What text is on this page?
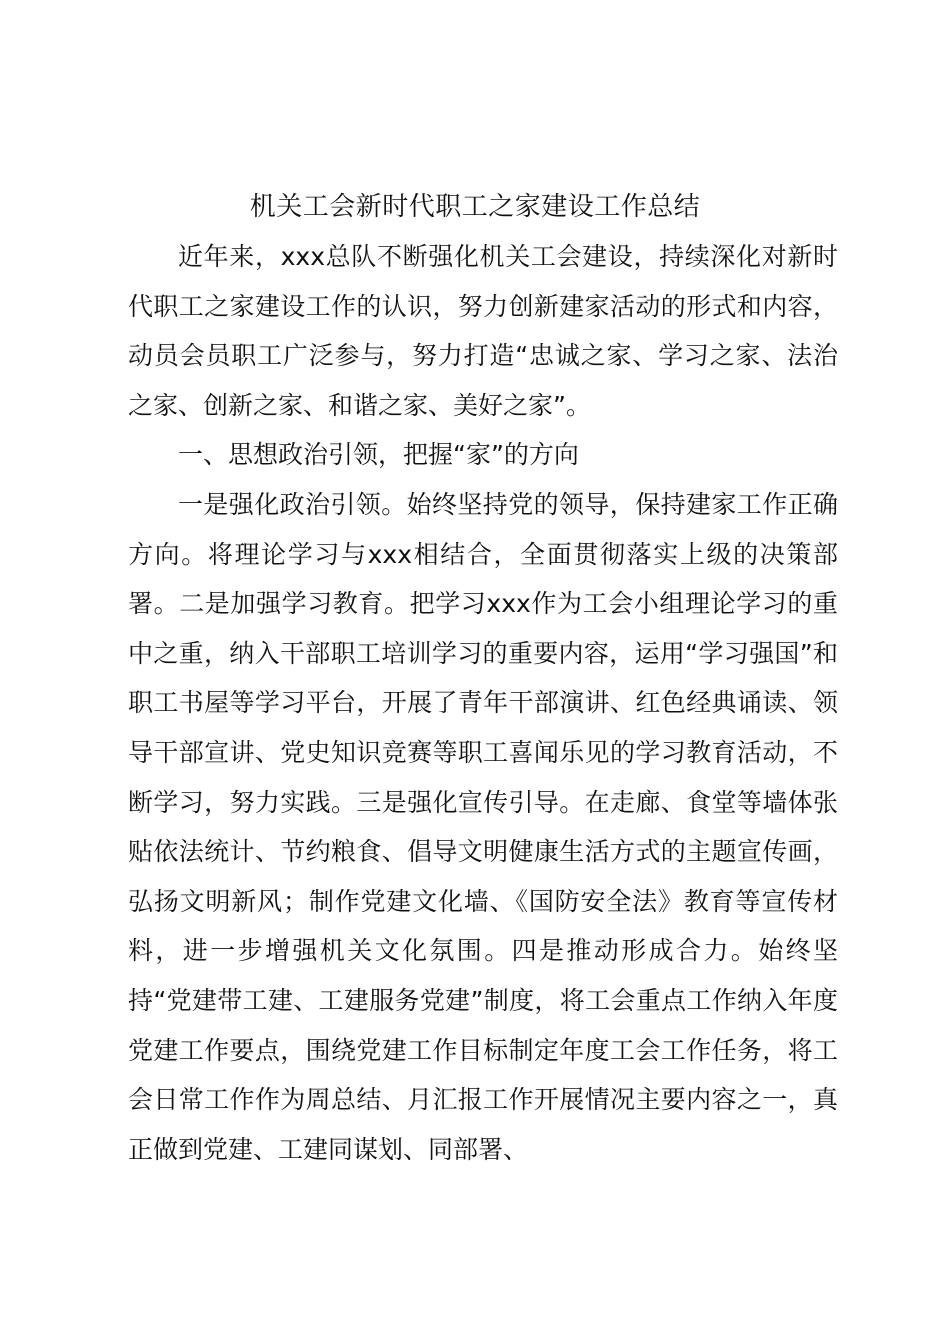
机关工会新时代职工之家建设工作总结

近年来，xxx总队不断强化机关工会建设，持续深化对新时代职工之家建设工作的认识，努力创新建家活动的形式和内容，动员会员职工广泛参与，努力打造“忠诚之家、学习之家、法治之家、创新之家、和谐之家、美好之家”。

一、思想政治引领，把握“家”的方向

一是强化政治引领。始终坚持党的领导，保持建家工作正确方向。将理论学习与xxx相结合，全面贯彻落实上级的决策部署。二是加强学习教育。把学习xxx作为工会小组理论学习的重中之重，纳入干部职工培训学习的重要内容，运用“学习强国”和职工书屋等学习平台，开展了青年干部演讲、红色经典诵读、领导干部宣讲、党史知识竞赛等职工喜闻乐见的学习教育活动，不断学习，努力实践。三是强化宣传引导。在走廊、食堂等墙体张贴依法统计、节约粮食、倡导文明健康生活方式的主题宣传画，弘扬文明新风；制作党建文化墙、《国防安全法》教育等宣传材料，进一步增强机关文化氛围。四是推动形成合力。始终坚持“党建带工建、工建服务党建”制度，将工会重点工作纳入年度党建工作要点，围绕党建工作目标制定年度工会工作任务，将工会日常工作作为周总结、月汇报工作开展情况主要内容之一，真正做到党建、工建同谋划、同部署、
